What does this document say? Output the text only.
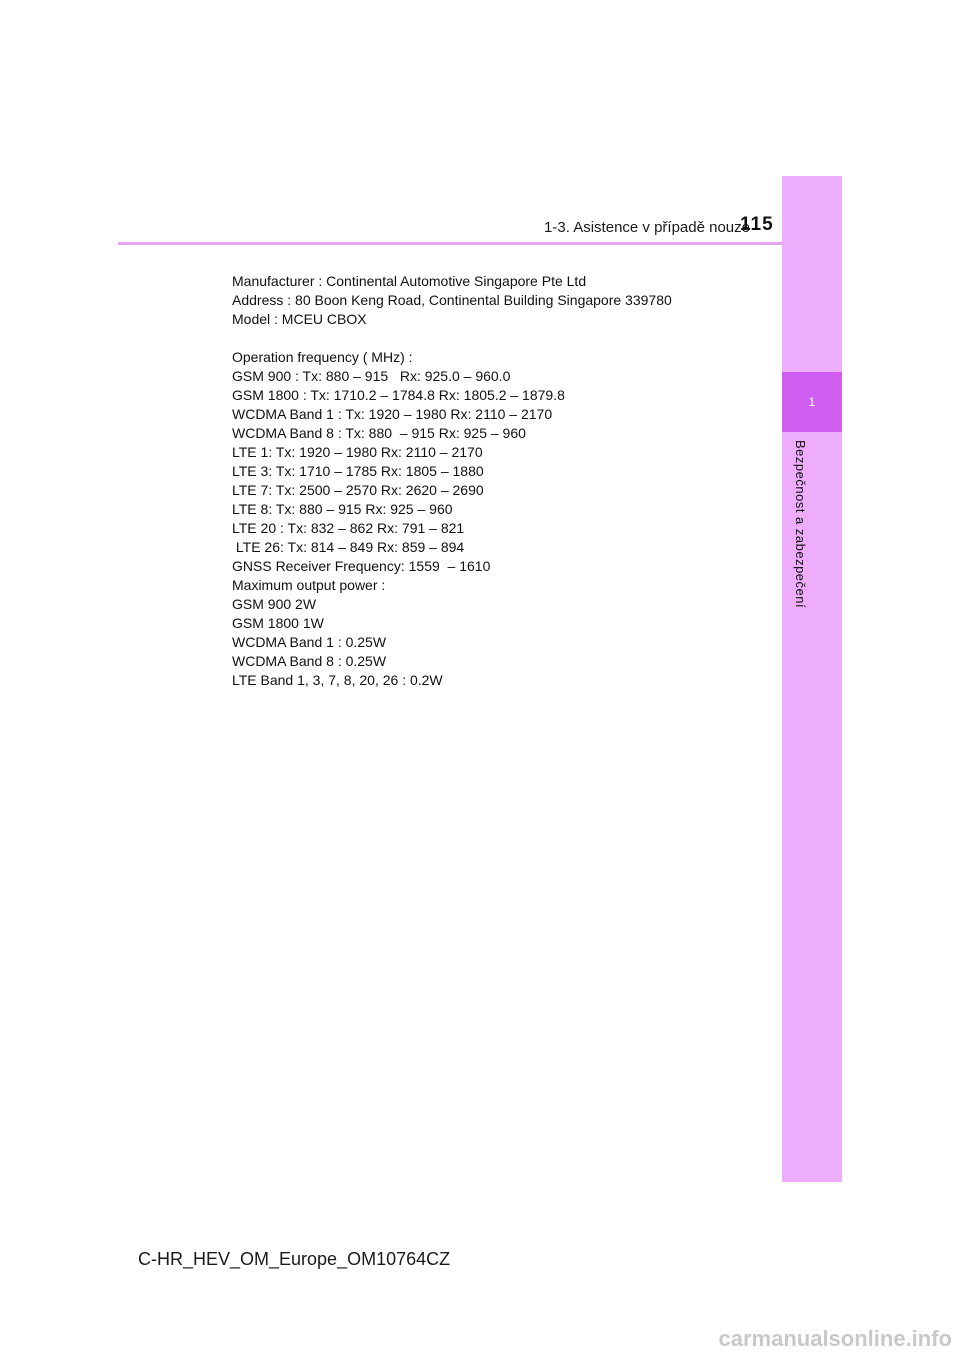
1
Bezpečnost a zabezpečení
1-3. Asistence v případě nouze
115
Manufacturer : Continental Automotive Singapore Pte Ltd
Address : 80 Boon Keng Road, Continental Building Singapore 339780
Model : MCEU CBOX
Operation frequency ( MHz) :
GSM 900 : Tx: 880 – 915   Rx: 925.0 – 960.0
GSM 1800 : Tx: 1710.2 – 1784.8 Rx: 1805.2 – 1879.8
WCDMA Band 1 : Tx: 1920 – 1980 Rx: 2110 – 2170
WCDMA Band 8 : Tx: 880  – 915 Rx: 925 – 960
LTE 1: Tx: 1920 – 1980 Rx: 2110 – 2170
LTE 3: Tx: 1710 – 1785 Rx: 1805 – 1880
LTE 7: Tx: 2500 – 2570 Rx: 2620 – 2690
LTE 8: Tx: 880 – 915 Rx: 925 – 960
LTE 20 : Tx: 832 – 862 Rx: 791 – 821
LTE 26: Tx: 814 – 849 Rx: 859 – 894
GNSS Receiver Frequency: 1559  – 1610
Maximum output power :
GSM 900 2W
GSM 1800 1W
WCDMA Band 1 : 0.25W
WCDMA Band 8 : 0.25W
LTE Band 1, 3, 7, 8, 20, 26 : 0.2W
C-HR_HEV_OM_Europe_OM10764CZ
carmanualsonline.info
